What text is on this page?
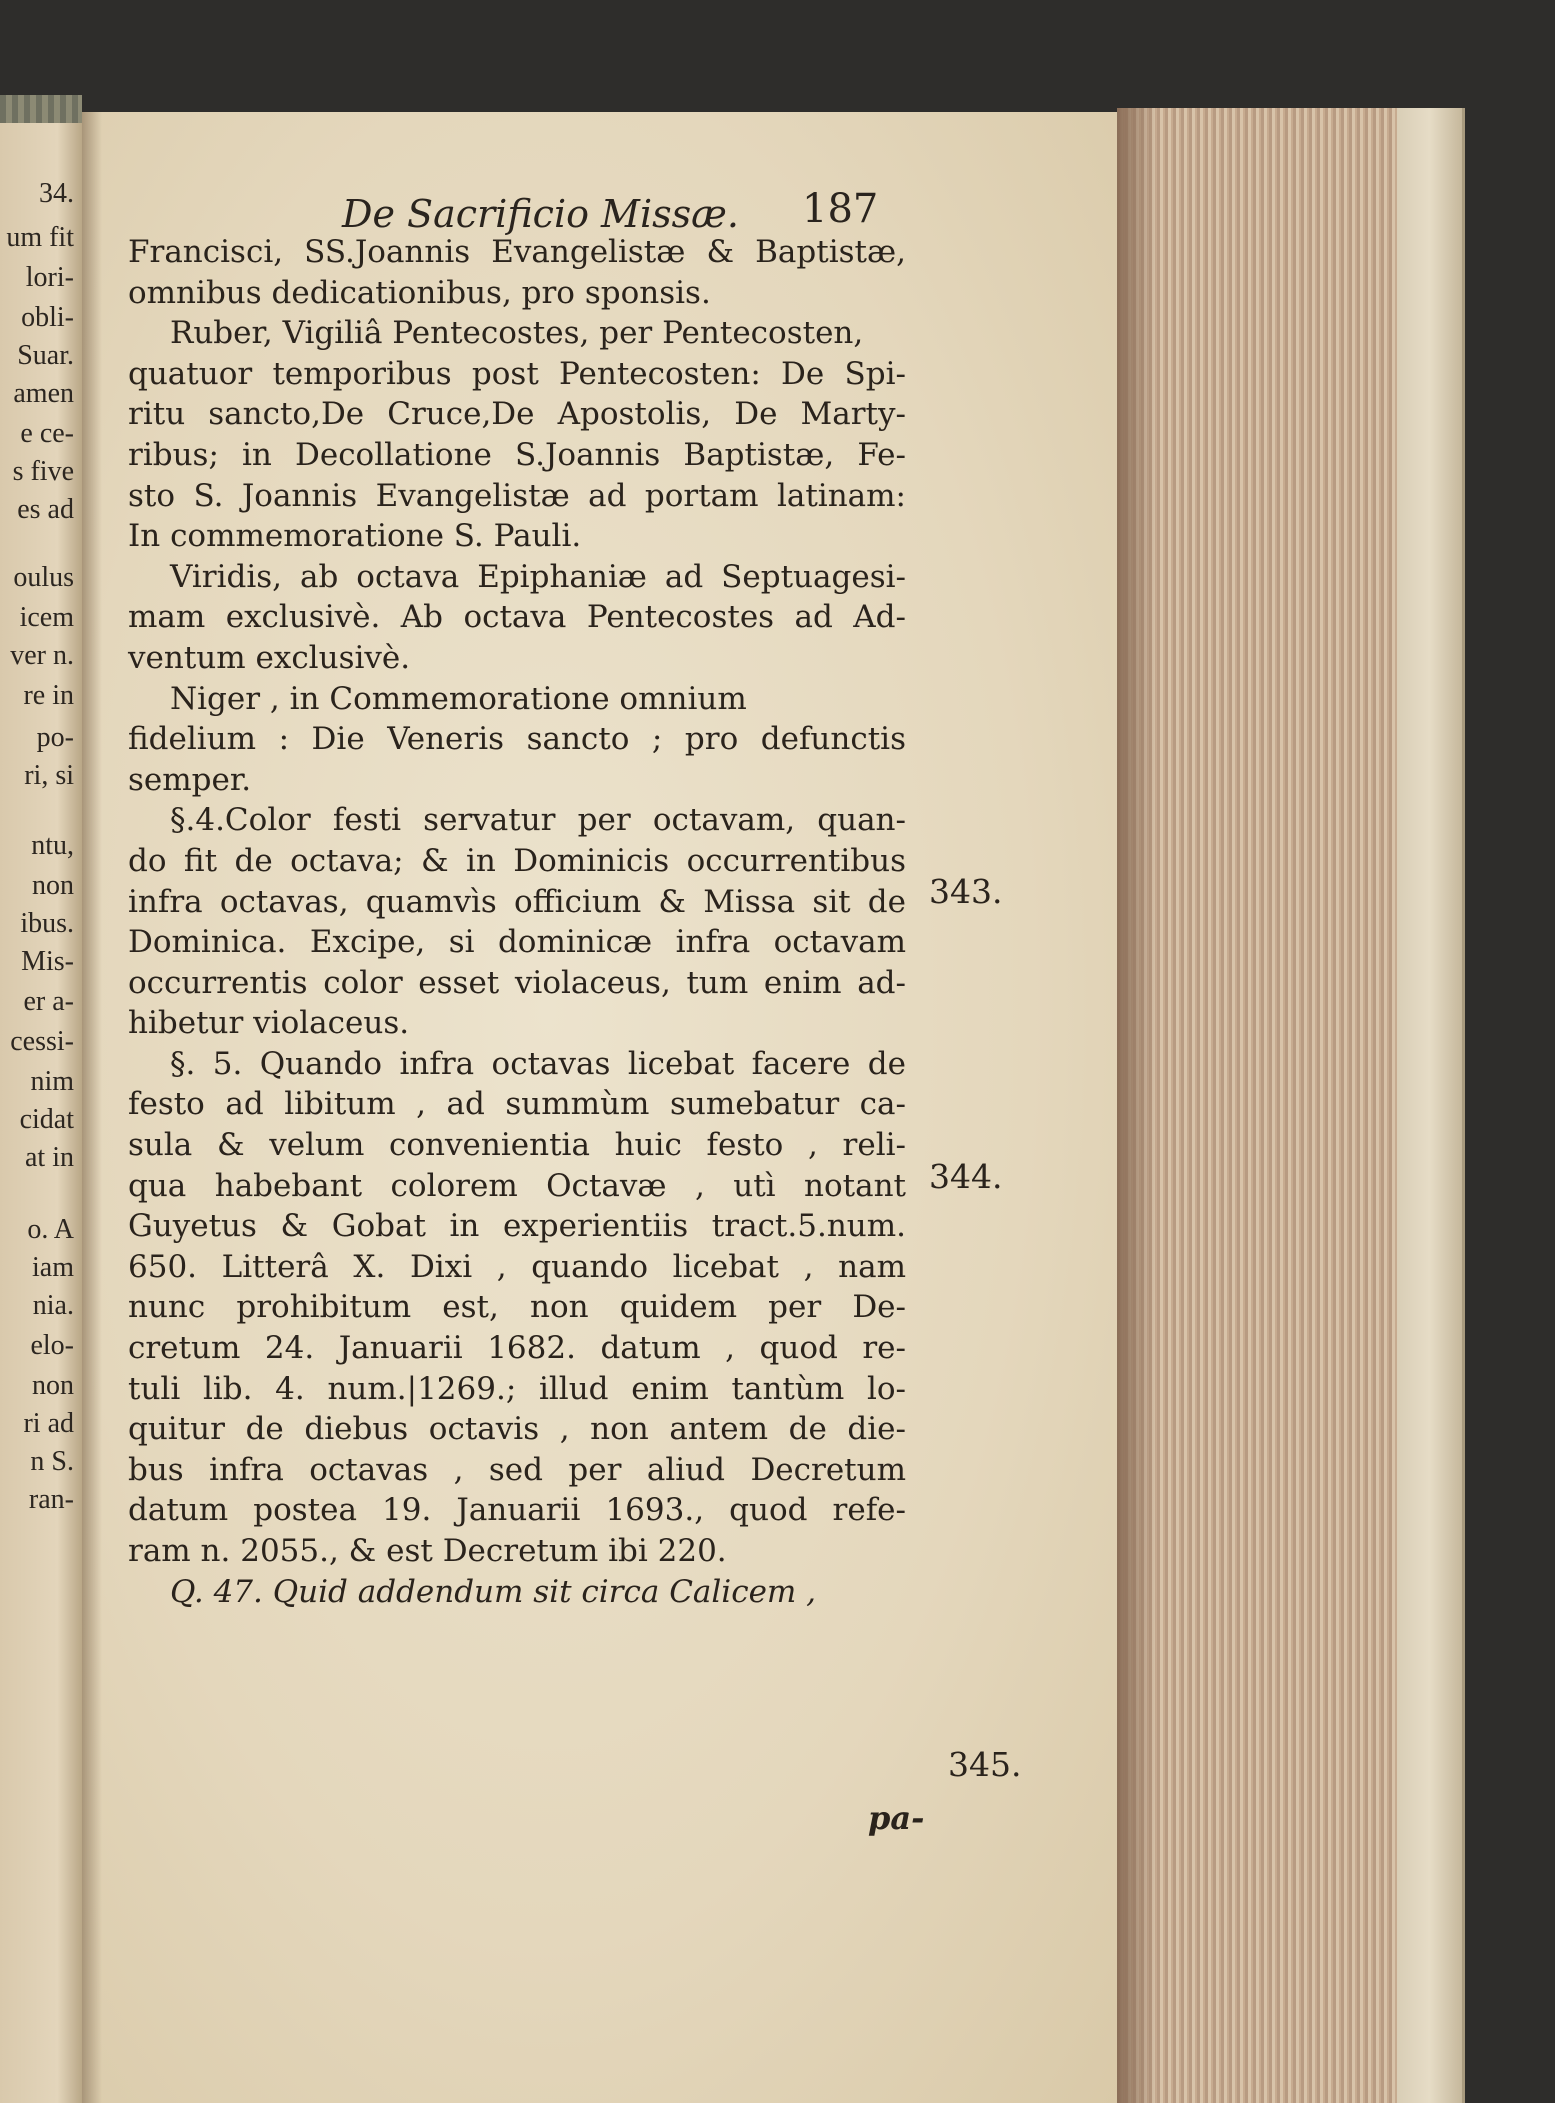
34.
um fit
lori-
obli-
Suar.
amen
e ce-
s five
es ad
oulus
icem
ver n.
re in
po-
ri, si
ntu,
non
ibus.
Mis-
er a-
cessi-
nim
cidat
at in
o. A
iam
nia.
elo-
non
ri ad
n S.
ran-
De Sacrificio Missæ. 187
Francisci, SS.Joannis Evangelistæ & Baptistæ,
omnibus dedicationibus, pro sponsis.
Ruber, Vigiliâ Pentecostes, per Pentecosten,
quatuor temporibus post Pentecosten: De Spi-
ritu sancto,De Cruce,De Apostolis, De Marty-
ribus; in Decollatione S.Joannis Baptistæ, Fe-
sto S. Joannis Evangelistæ ad portam latinam:
In commemoratione S. Pauli.
Viridis, ab octava Epiphaniæ ad Septuagesi-
mam exclusivè. Ab octava Pentecostes ad Ad-
ventum exclusivè.
Niger , in Commemoratione omnium
fidelium : Die Veneris sancto ; pro defunctis
semper.
§.4.Color festi servatur per octavam, quan-
do fit de octava; & in Dominicis occurrentibus
infra octavas, quamvìs officium & Missa sit de
Dominica. Excipe, si dominicæ infra octavam
occurrentis color esset violaceus, tum enim ad-
hibetur violaceus.
§. 5. Quando infra octavas licebat facere de
festo ad libitum , ad summùm sumebatur ca-
sula & velum convenientia huic festo , reli-
qua habebant colorem Octavæ , utì notant
Guyetus & Gobat in experientiis tract.5.num.
650. Litterâ X. Dixi , quando licebat , nam
nunc prohibitum est, non quidem per De-
cretum 24. Januarii 1682. datum , quod re-
tuli lib. 4. num.|1269.; illud enim tantùm lo-
quitur de diebus octavis , non antem de die-
bus infra octavas , sed per aliud Decretum
datum postea 19. Januarii 1693., quod refe-
ram n. 2055., & est Decretum ibi 220.
Q. 47. Quid addendum sit circa Calicem ,
343.
344.
345.
pa-
